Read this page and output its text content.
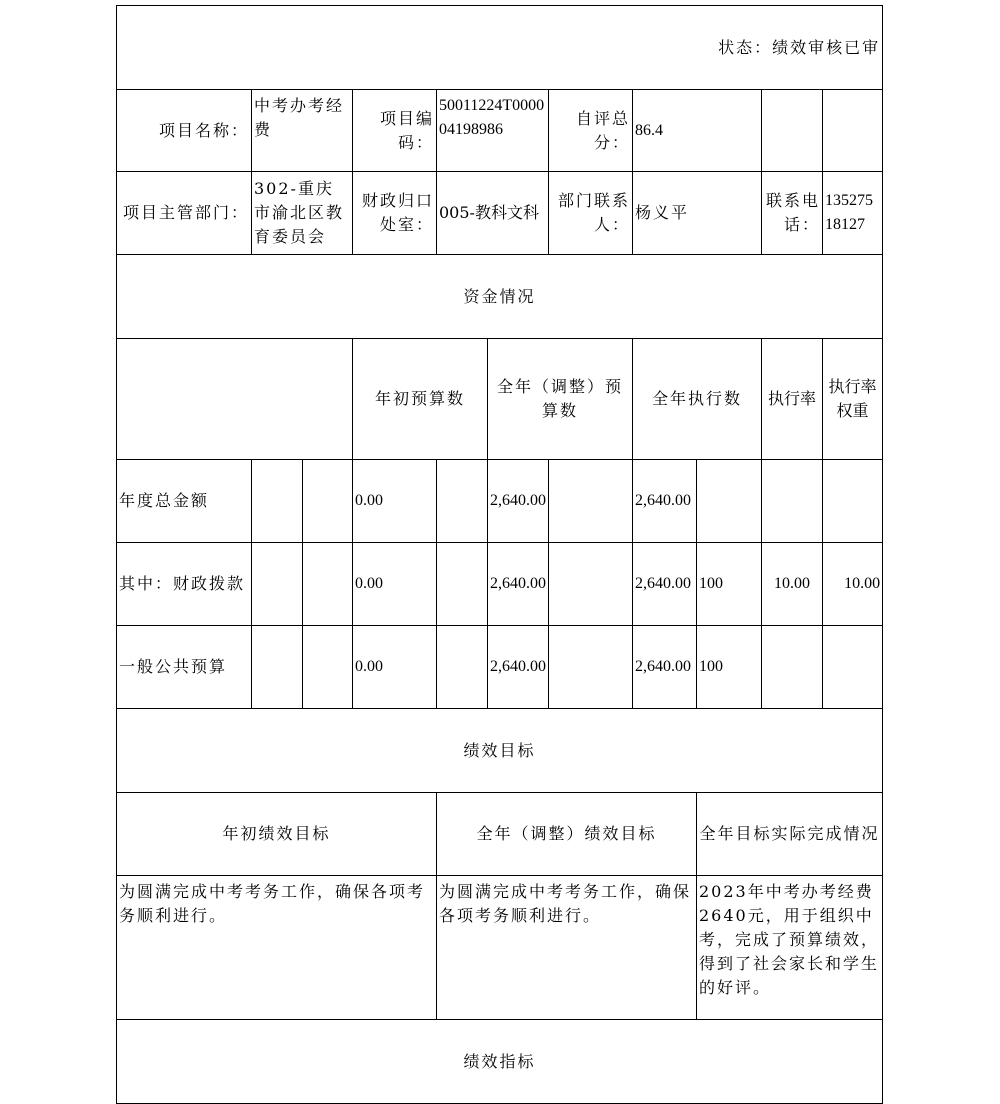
状态：绩效审核已审											
项目名称：	中考办考经费		项目编码：	50011224T000004198986		自评总分：	86.4				
项目主管部门：	302-重庆市渝北区教育委员会		财政归口处室：	005-教科文科		部门联系人：	杨义平		联系电话：	13527518127	
资金情况											
			年初预算数		全年（调整）预算数		全年执行数		执行率	执行率权重	
年度总金额			0.00		2,640.00		2,640.00				
其中：财政拨款			0.00		2,640.00		2,640.00	100	10.00	10.00	
一般公共预算			0.00		2,640.00		2,640.00	100			
绩效目标											
年初绩效目标				全年（调整）绩效目标				全年目标实际完成情况			
为圆满完成中考考务工作，确保各项考务顺利进行。				为圆满完成中考考务工作，确保各项考务顺利进行。				2023年中考办考经费2640元，用于组织中考，完成了预算绩效，得到了社会家长和学生的好评。			
绩效指标											
